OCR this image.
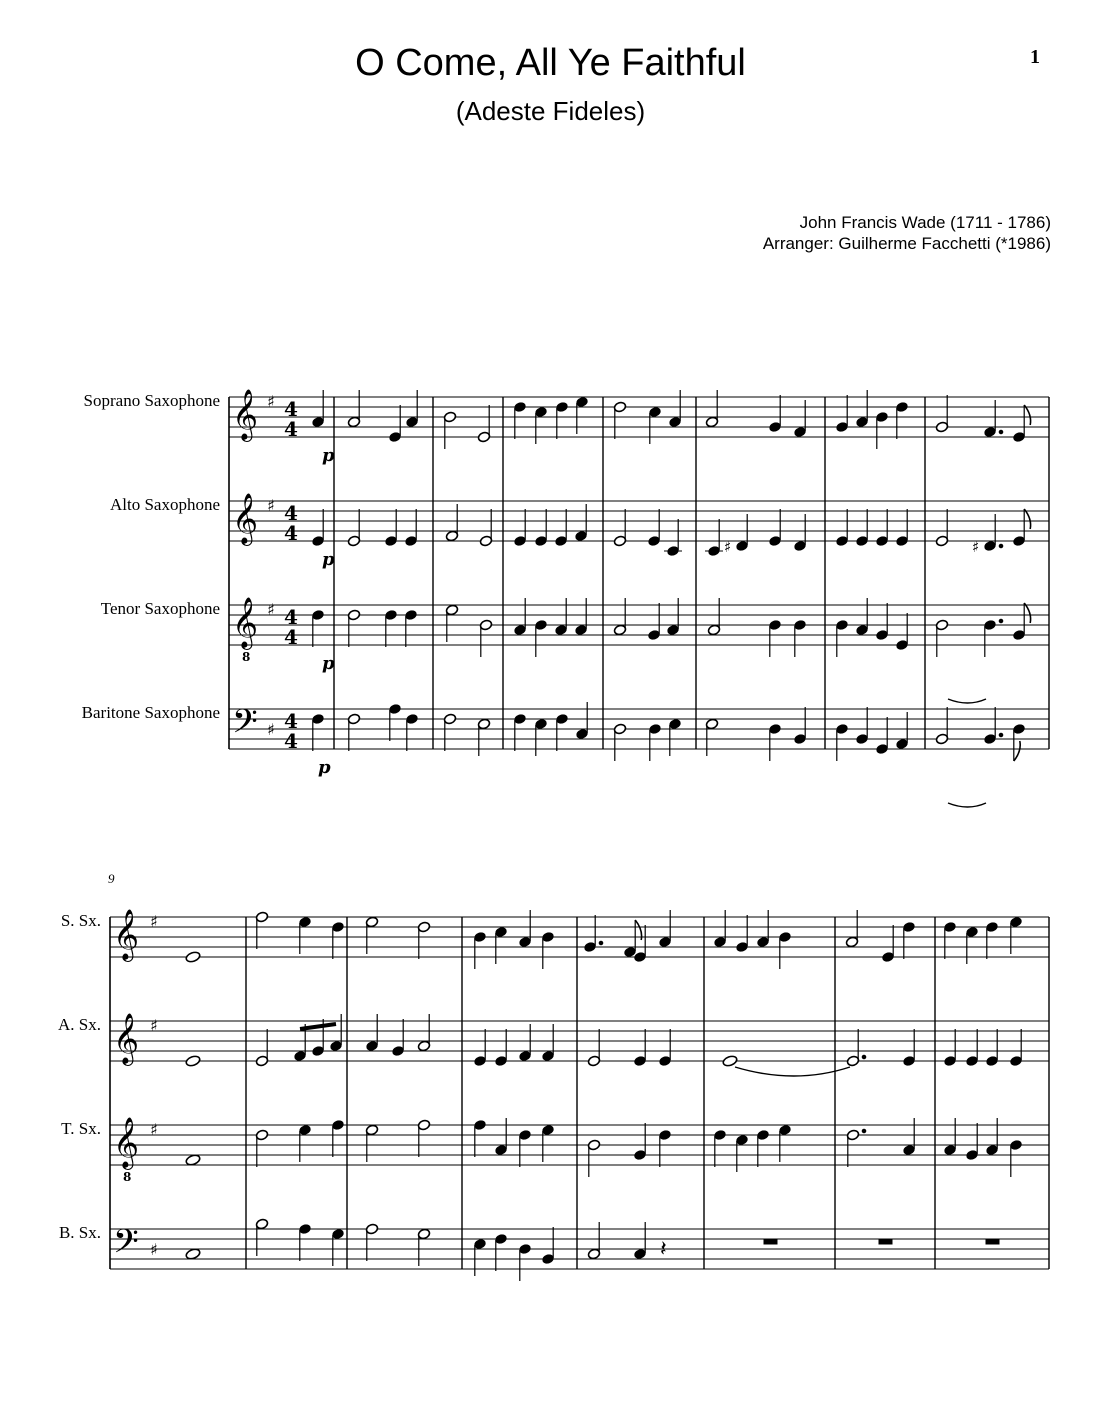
O Come, All Ye Faithful
(Adeste Fideles)
1
John Francis Wade (1711 - 1786)
Arranger: Guilherme Facchetti (*1986)
Soprano Saxophone
Alto Saxophone
Tenor Saxophone
Baritone Saxophone
S. Sx.
A. Sx.
T. Sx.
B. Sx.
9
𝄞 ♯ 4
4
𝄞 ♯ 4
4
𝄞
8
♯ 4
4
𝄢 ♯ 4
4
p
♯	♯
p
p
p
𝄞 ♯
𝄞 ♯
𝄞
8
♯
𝄢 ♯	𝄽
